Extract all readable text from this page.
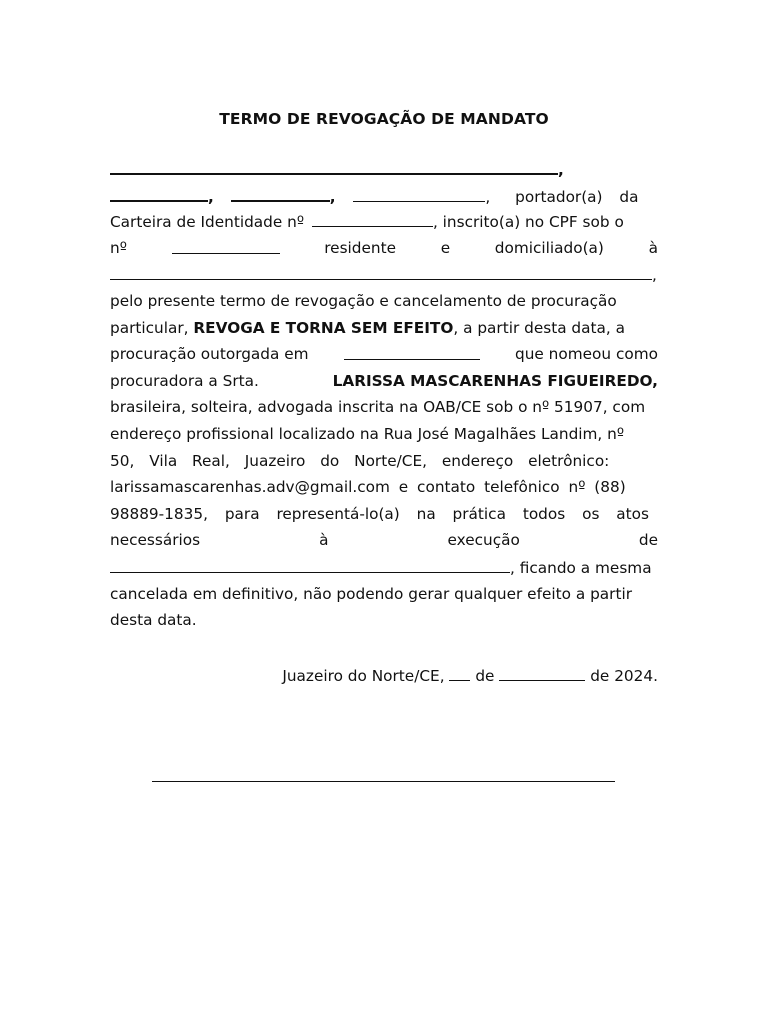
TERMO DE REVOGAÇÃO DE MANDATO
,
,	,	, portador(a) da
Carteira de Identidade nº	, inscrito(a) no CPF sob o
nº	residente	e	domiciliado(a)	à
,
pelo presente termo de revogação e cancelamento de procuração
particular, REVOGA E TORNA SEM EFEITO, a partir desta data, a
procuração outorgada em	que nomeou como
procuradora a Srta.	LARISSA MASCARENHAS FIGUEIREDO,
brasileira, solteira, advogada inscrita na OAB/CE sob o nº 51907, com
endereço profissional localizado na Rua José Magalhães Landim, nº
50, Vila Real, Juazeiro do Norte/CE, endereço eletrônico:
larissamascarenhas.adv@gmail.com e contato telefônico nº (88)
98889-1835, para representá-lo(a) na prática todos os atos
necessários	à	execução	de
, ficando a mesma
cancelada em definitivo, não podendo gerar qualquer efeito a partir
desta data.
Juazeiro do Norte/CE, de	de 2024.
